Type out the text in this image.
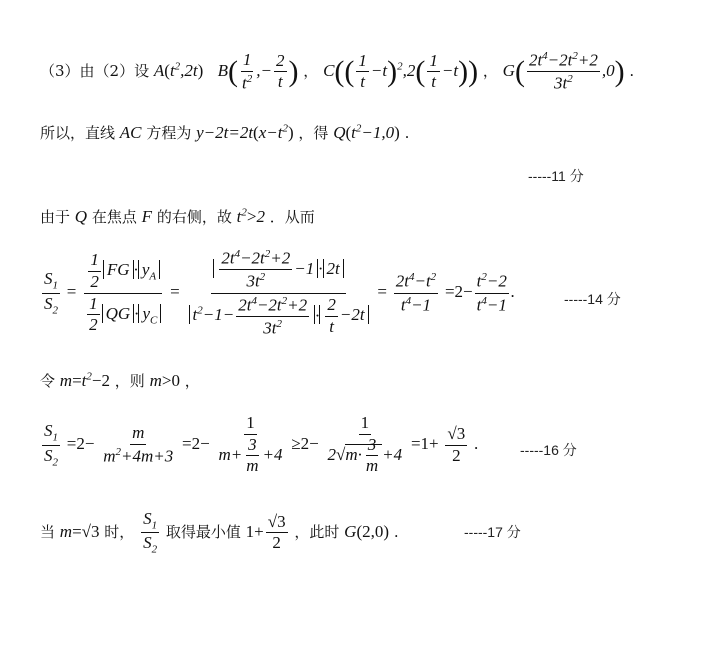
（3）由（2）设 $A(t^2,2t)$ $B( \frac{1}{t^2}$ ,− $\frac{2}{t}$ ) ， $C(( \frac{1}{t} -t)^2,2( \frac{1}{t} -t))$ ， $G( \frac{2t^4-2t^2+2}{3t^2} ,0)$ .
所以，直线 AC 方程为 $y-2t=2t(x-t^2)$ ，得 $Q(t^2-1,0)$ .
-----11 分
由于 Q 在焦点 F 的右侧，故 $t^2>2$ ．从而
$\frac{S_1}{S_2} = \frac{\frac{1}{2} FG \cdot y_A}{\frac{1}{2} QG \cdot y_C} = \frac{\frac{2t^4-2t^2+2}{3t^2} -1 \cdot 2t}{t^2-1- \frac{2t^4-2t^2+2}{3t^2} \cdot \frac{2}{t} -2t} = \frac{2t^4-t^2}{t^4-1} =2- \frac{t^2-2}{t^4-1}$ .	-----14 分
令 $m=t^2-2$ ，则 m>0 ，
$\frac{S_1}{S_2} =2- \frac{m}{m^2+4m+3} =2- \frac{1}{m+ \frac{3}{m} +4} \ge 2- \frac{1}{2√m\cdot \frac{3}{m} +4} =1+ \frac{√3}{2}$ .	-----16 分
当 m=√3 时， $\frac{S_1}{S_2}$ 取得最小值 $1+ \frac{√3}{2}$ ，此时 G(2,0) .	-----17 分
